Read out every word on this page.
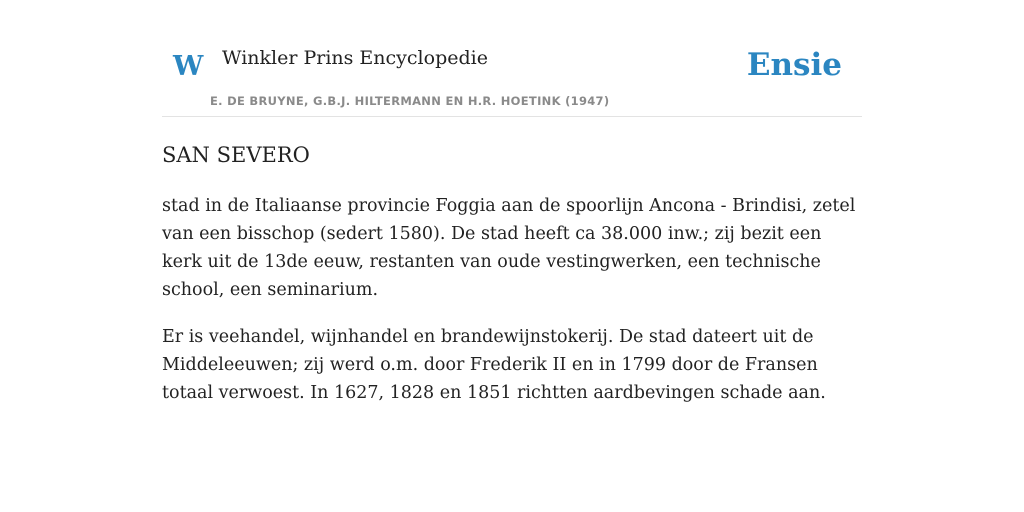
W Winkler Prins Encyclopedie
E. DE BRUYNE, G.B.J. HILTERMANN EN H.R. HOETINK (1947)
Ensie
SAN SEVERO

stad in de Italiaanse provincie Foggia aan de spoorlijn Ancona - Brindisi, zetel van een bisschop (sedert 1580). De stad heeft ca 38.000 inw.; zij bezit een kerk uit de 13de eeuw, restanten van oude vestingwerken, een technische school, een seminarium.

Er is veehandel, wijnhandel en brandewijnstokerij. De stad dateert uit de Middeleeuwen; zij werd o.m. door Frederik II en in 1799 door de Fransen totaal verwoest. In 1627, 1828 en 1851 richtten aardbevingen schade aan.
